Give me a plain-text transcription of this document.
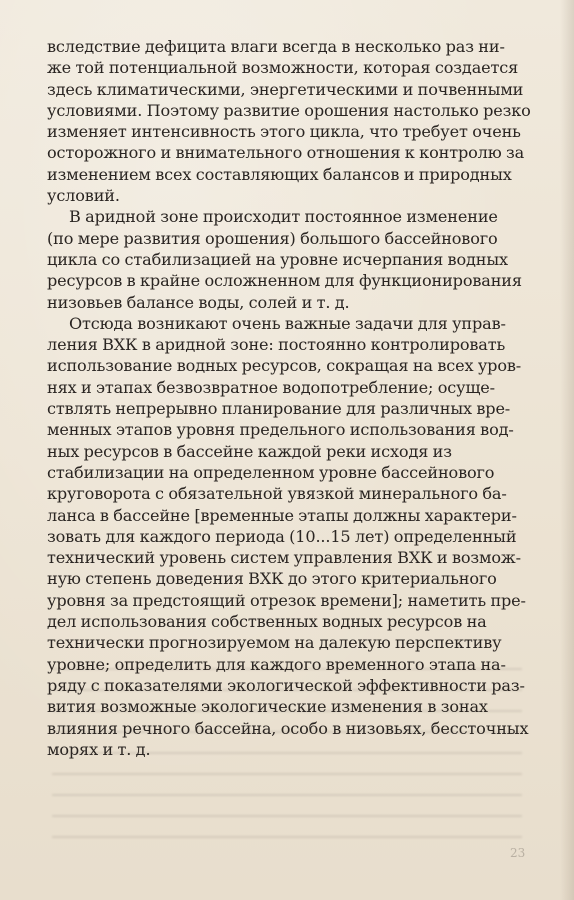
вследствие дефицита влаги всегда в несколько раз ни-
же той потенциальной возможности, которая создается
здесь климатическими, энергетическими и почвенными
условиями. Поэтому развитие орошения настолько резко
изменяет интенсивность этого цикла, что требует очень
осторожного и внимательного отношения к контролю за
изменением всех составляющих балансов и природных
условий.

В аридной зоне происходит постоянное изменение
(по мере развития орошения) большого бассейнового
цикла со стабилизацией на уровне исчерпания водных
ресурсов в крайне осложненном для функционирования
низовьев балансе воды, солей и т. д.

Отсюда возникают очень важные задачи для управ-
ления ВХК в аридной зоне: постоянно контролировать
использование водных ресурсов, сокращая на всех уров-
нях и этапах безвозвратное водопотребление; осуще-
ствлять непрерывно планирование для различных вре-
менных этапов уровня предельного использования вод-
ных ресурсов в бассейне каждой реки исходя из
стабилизации на определенном уровне бассейнового
круговорота с обязательной увязкой минерального ба-
ланса в бассейне [временные этапы должны характери-
зовать для каждого периода (10...15 лет) определенный
технический уровень систем управления ВХК и возмож-
ную степень доведения ВХК до этого критериального
уровня за предстоящий отрезок времени]; наметить пре-
дел использования собственных водных ресурсов на
технически прогнозируемом на далекую перспективу
уровне; определить для каждого временного этапа на-
ряду с показателями экологической эффективности раз-
вития возможные экологические изменения в зонах
влияния речного бассейна, особо в низовьях, бессточных
морях и т. д.

23
